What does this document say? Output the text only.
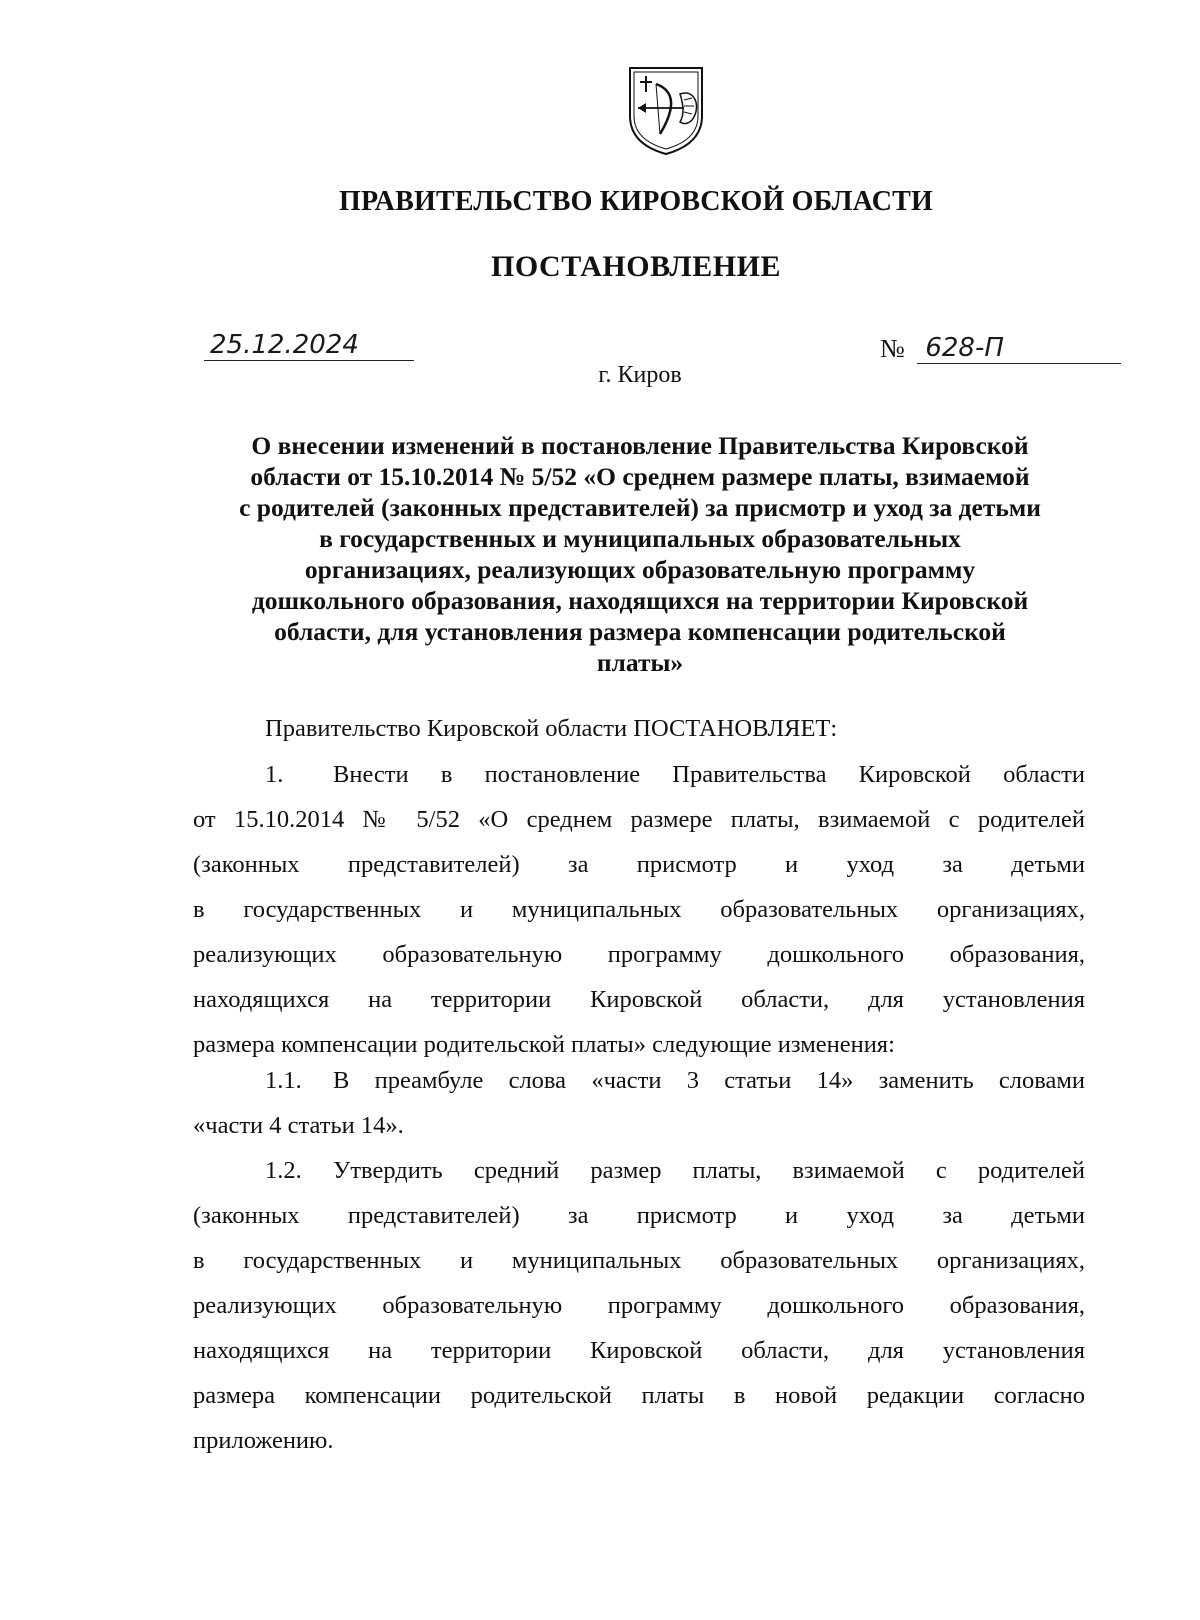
ПРАВИТЕЛЬСТВО КИРОВСКОЙ ОБЛАСТИ
ПОСТАНОВЛЕНИЕ
25.12.2024	№ 628-П
г. Киров
О внесении изменений в постановление Правительства Кировской
области от 15.10.2014 № 5/52 «О среднем размере платы, взимаемой
с родителей (законных представителей) за присмотр и уход за детьми
в государственных и муниципальных образовательных
организациях, реализующих образовательную программу
дошкольного образования, находящихся на территории Кировской
области, для установления размера компенсации родительской
платы»
Правительство Кировской области ПОСТАНОВЛЯЕТ:
1.	Внести в постановление Правительства Кировской области
от 15.10.2014 № 5/52 «О среднем размере платы, взимаемой с родителей
(законных представителей) за присмотр и уход за детьми
в государственных и муниципальных образовательных организациях,
реализующих образовательную программу дошкольного образования,
находящихся на территории Кировской области, для установления
размера компенсации родительской платы» следующие изменения:
1.1.	В преамбуле слова «части 3 статьи 14» заменить словами
«части 4 статьи 14».
1.2.	Утвердить средний размер платы, взимаемой с родителей
(законных представителей) за присмотр и уход за детьми
в государственных и муниципальных образовательных организациях,
реализующих образовательную программу дошкольного образования,
находящихся на территории Кировской области, для установления
размера компенсации родительской платы в новой редакции согласно
приложению.
